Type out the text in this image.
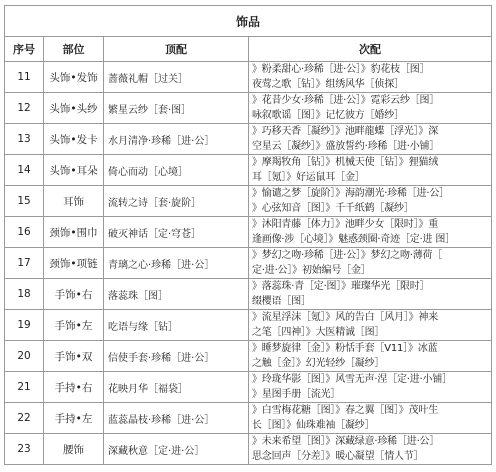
饰品			
序号	部位	顶配	次配
11	头饰•发饰	蔷薇礼帽［过关］	》粉柔甜心·珍稀［进·公］》豹花枝［图］
夜莺之歌［钻］》组绣风华［侦探］

12	头饰•头纱	繁星云纱［套·图］	》花昔少女·珍稀［进·公］》霓彩云纱［图］
咏叙歌谣［图］》记忆彼方［婚纱］

13	头饰•发卡	水月清净·珍稀［进·公］	》巧移天香［凝纱］》池畔龍蝶［浮光］》深
空星云［凝纱］》盛放誓约·珍稀［进·小铺］

14	头饰•耳朵	倚心而动［心境］	》摩羯牧角［钻］》机械天使［钻］》狸猫绒
耳［氪］》好运鼠耳［金］

15	耳饰	流转之诗［套·旋阶］	》愉谴之梦［旋阶］》海韵潮光·珍稀［进·公］
》心弦知音［图］》千千纸鹤［凝纱］

16	颈饰•围巾	破灭神话［定·穹苍］	》沐阳青藤［体力］》池畔少女［限时］》重
逢画像·涉［心境］》魅惑颈圈·奇迹［定·进 图］

17	颈饰•项链	青璃之心·珍稀［进·公］	》梦幻之吻·珍稀［进·公］》梦幻之吻·薄荷［
定·进·公］》初始编号［金］

18	手饰•右	落蕊珠［图］	》落蕊珠·青［定·图］》璀璨华光［限时］
缀樱语［图］

19	手饰•左	吃语与缘［钻］	》流星浮沫［氪］》风的告白［风月］》神来
之笔［四神］》大医精诚［图］

20	手饰•双	信使手套·珍稀［进·公］	》睡梦旋律［金］》粉恬手套［V11］》冰蓝
之触［金］》幻光轻纱［凝纱］

21	手持•右	花映月华［福袋］	》玲珑华影［图］》风雪无声·涅［定·进·小铺］
》星图手册［流光］

22	手持•左	蓝蕊晶枝·珍稀［进·公］	》白雪梅花糖［图］》春之翼［图］》茂叶生
长［图］》仙珠难袖［凝纱］

23	腰饰	深藏秋意［定·进·公］	》未来希望［图］》深藏绿意·珍稀［进·公］
思念回声［分差］》暖心凝望［情人节］
